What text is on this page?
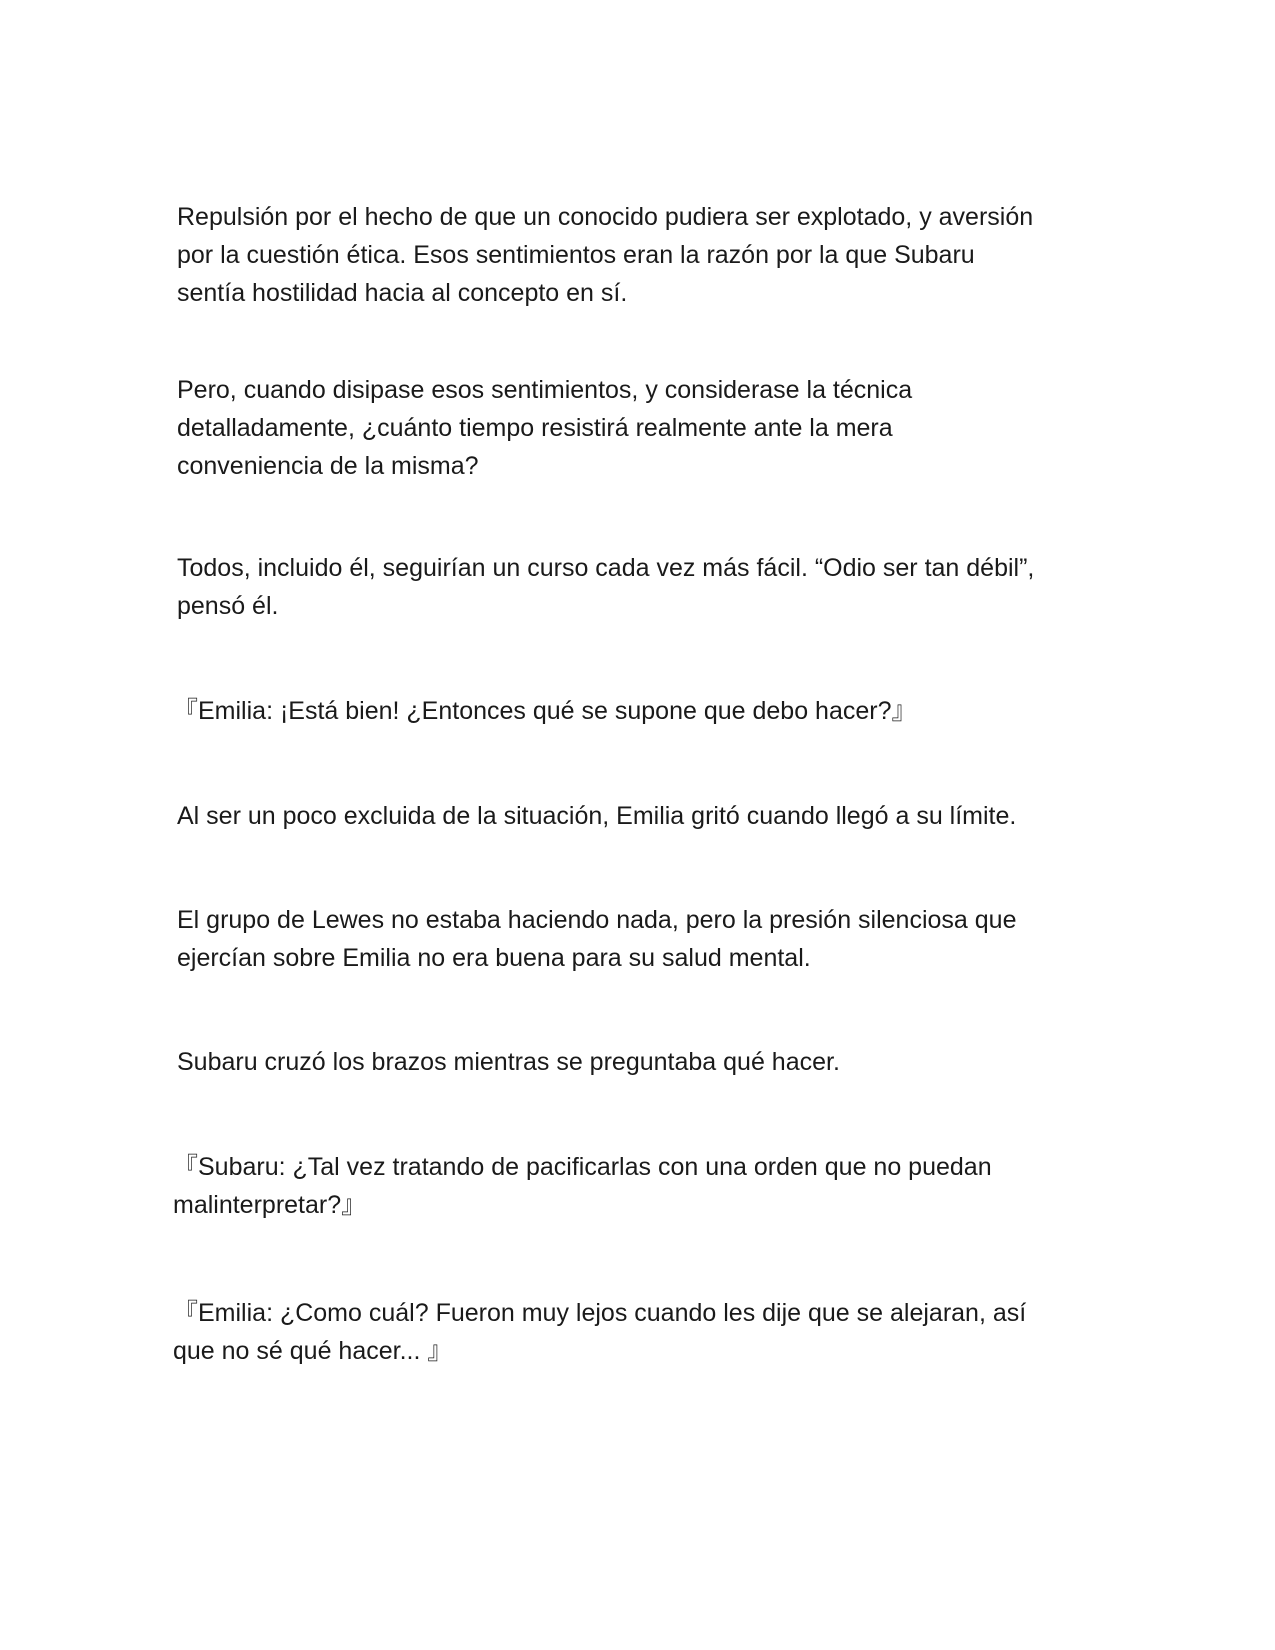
Repulsión por el hecho de que un conocido pudiera ser explotado, y aversión
por la cuestión ética. Esos sentimientos eran la razón por la que Subaru
sentía hostilidad hacia al concepto en sí.

Pero, cuando disipase esos sentimientos, y considerase la técnica
detalladamente, ¿cuánto tiempo resistirá realmente ante la mera
conveniencia de la misma?

Todos, incluido él, seguirían un curso cada vez más fácil. “Odio ser tan débil”,
pensó él.

『Emilia: ¡Está bien! ¿Entonces qué se supone que debo hacer?』

Al ser un poco excluida de la situación, Emilia gritó cuando llegó a su límite.

El grupo de Lewes no estaba haciendo nada, pero la presión silenciosa que
ejercían sobre Emilia no era buena para su salud mental.

Subaru cruzó los brazos mientras se preguntaba qué hacer.

『Subaru: ¿Tal vez tratando de pacificarlas con una orden que no puedan
malinterpretar?』

『Emilia: ¿Como cuál? Fueron muy lejos cuando les dije que se alejaran, así
que no sé qué hacer... 』
